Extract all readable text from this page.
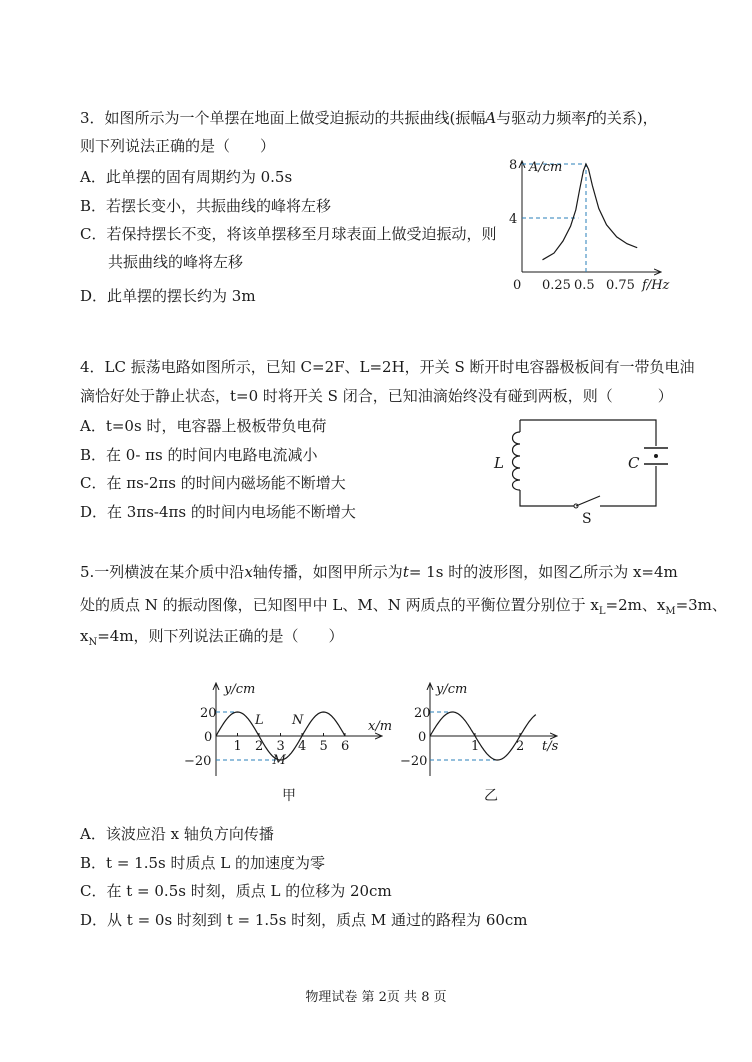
3．如图所示为一个单摆在地面上做受迫振动的共振曲线(振幅A与驱动力频率f的关系)，
则下列说法正确的是（　　）
A．此单摆的固有周期约为 0.5s
B．若摆长变小，共振曲线的峰将左移
C．若保持摆长不变，将该单摆移至月球表面上做受迫振动，则
共振曲线的峰将左移
D．此单摆的摆长约为 3m
A/cm
0	f/Hz
0.25 0.5 0.75
8
4
4．LC 振荡电路如图所示，已知 C=2F、L=2H，开关 S 断开时电容器极板间有一带负电油
滴恰好处于静止状态，t=0 时将开关 S 闭合，已知油滴始终没有碰到两板，则（　　　）
A．t=0s 时，电容器上极板带负电荷
B．在 0- πs 的时间内电路电流减小
C．在 πs-2πs 的时间内磁场能不断增大
D．在 3πs-4πs 的时间内电场能不断增大
L	C
S
5.一列横波在某介质中沿x轴传播，如图甲所示为t= 1s 时的波形图，如图乙所示为 x=4m
处的质点 N 的振动图像，已知图甲中 L、M、N 两质点的平衡位置分别位于 $x_L=2m$、$x_M=3m$、
$x_N=4m$，则下列说法正确的是（　　）
1 2 3 4 5 6
20
−20
L
M
N
y/cm
x/m
0
甲
1	2
20
−20
y/cm
t/s
0
乙
A．该波应沿 x 轴负方向传播
B．t = 1.5s 时质点 L 的加速度为零
C．在 t = 0.5s 时刻，质点 L 的位移为 20cm
D．从 t = 0s 时刻到 t = 1.5s 时刻，质点 M 通过的路程为 60cm
物理试卷 第 2页 共 8 页
